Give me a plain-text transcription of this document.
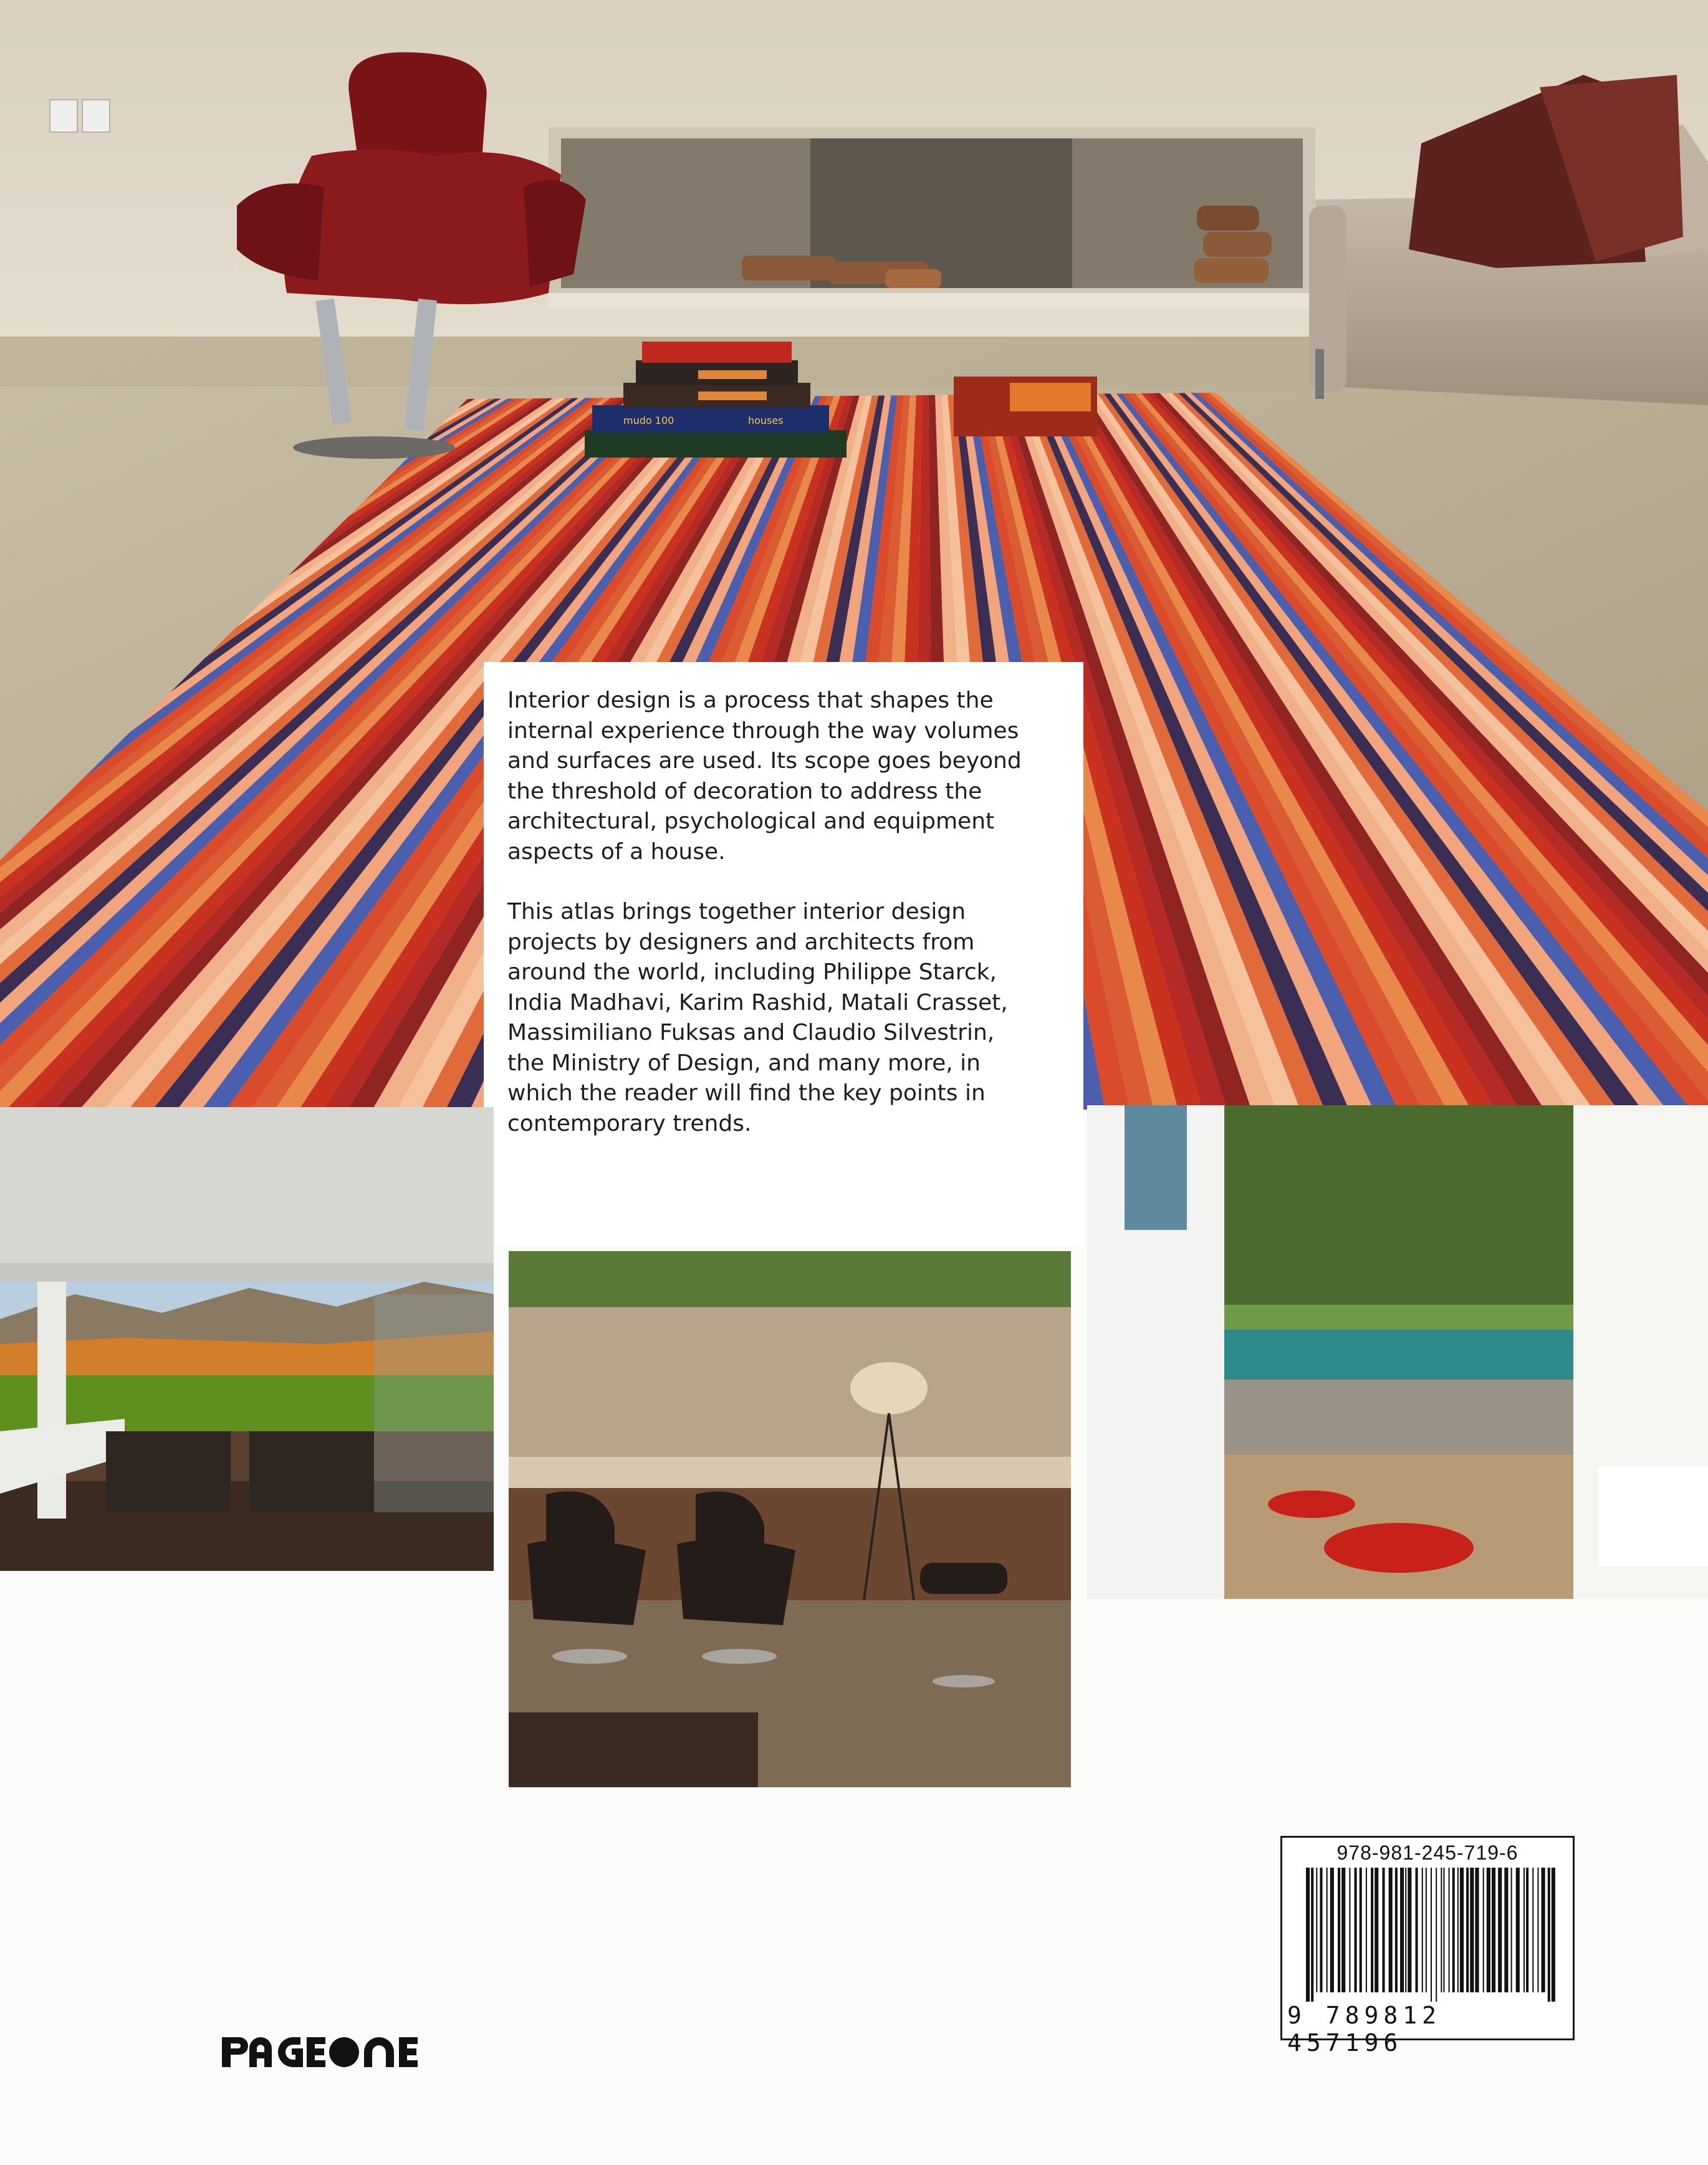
mudo 100	houses

Interior design is a process that shapes the
internal experience through the way volumes
and surfaces are used. Its scope goes beyond
the threshold of decoration to address the
architectural, psychological and equipment
aspects of a house.

This atlas brings together interior design
projects by designers and architects from
around the world, including Philippe Starck,
India Madhavi, Karim Rashid, Matali Crasset,
Massimiliano Fuksas and Claudio Silvestrin,
the Ministry of Design, and many more, in
which the reader will find the key points in
contemporary trends.

978-981-245-719-6
9 789812 457196
